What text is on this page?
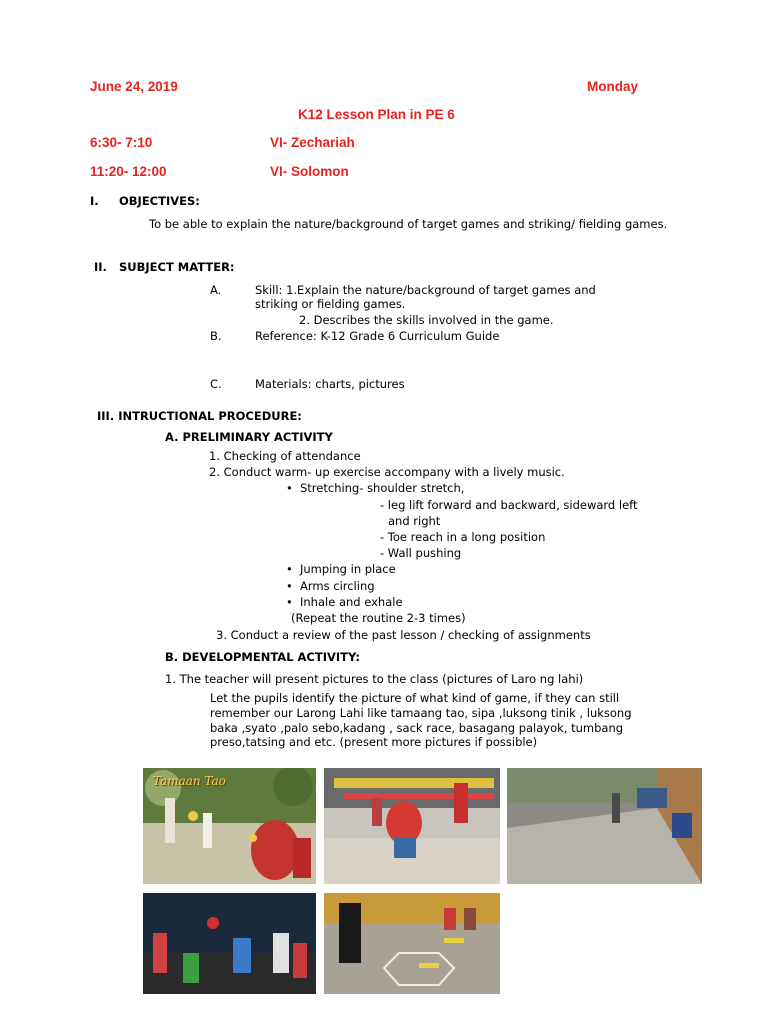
June 24, 2019	Monday
K12 Lesson Plan in PE 6
6:30- 7:10	VI- Zechariah
11:20- 12:00	VI- Solomon
I. OBJECTIVES:
To be able to explain the nature/background of target games and striking/ fielding games.
II. SUBJECT MATTER:
A.	Skill: 1.Explain the nature/background of target games and striking or fielding games.
2. Describes the skills involved in the game.
B.	Reference: K-12 Grade 6 Curriculum Guide
C.	Materials: charts, pictures
III. INTRUCTIONAL PROCEDURE:
A. PRELIMINARY ACTIVITY
1. Checking of attendance
2. Conduct warm- up exercise accompany with a lively music.
• Stretching- shoulder stretch,
- leg lift forward and backward, sideward left
and right
- Toe reach in a long position
- Wall pushing
• Jumping in place
• Arms circling
• Inhale and exhale
(Repeat the routine 2-3 times)
3. Conduct a review of the past lesson / checking of assignments
B. DEVELOPMENTAL ACTIVITY:
1. The teacher will present pictures to the class (pictures of Laro ng lahi)
Let the pupils identify the picture of what kind of game, if they can still remember our Larong Lahi like tamaang tao, sipa ,luksong tinik , luksong baka ,syato ,palo sebo,kadang , sack race, basagang palayok, tumbang preso,tatsing and etc. (present more pictures if possible)
Tamaan Tao
